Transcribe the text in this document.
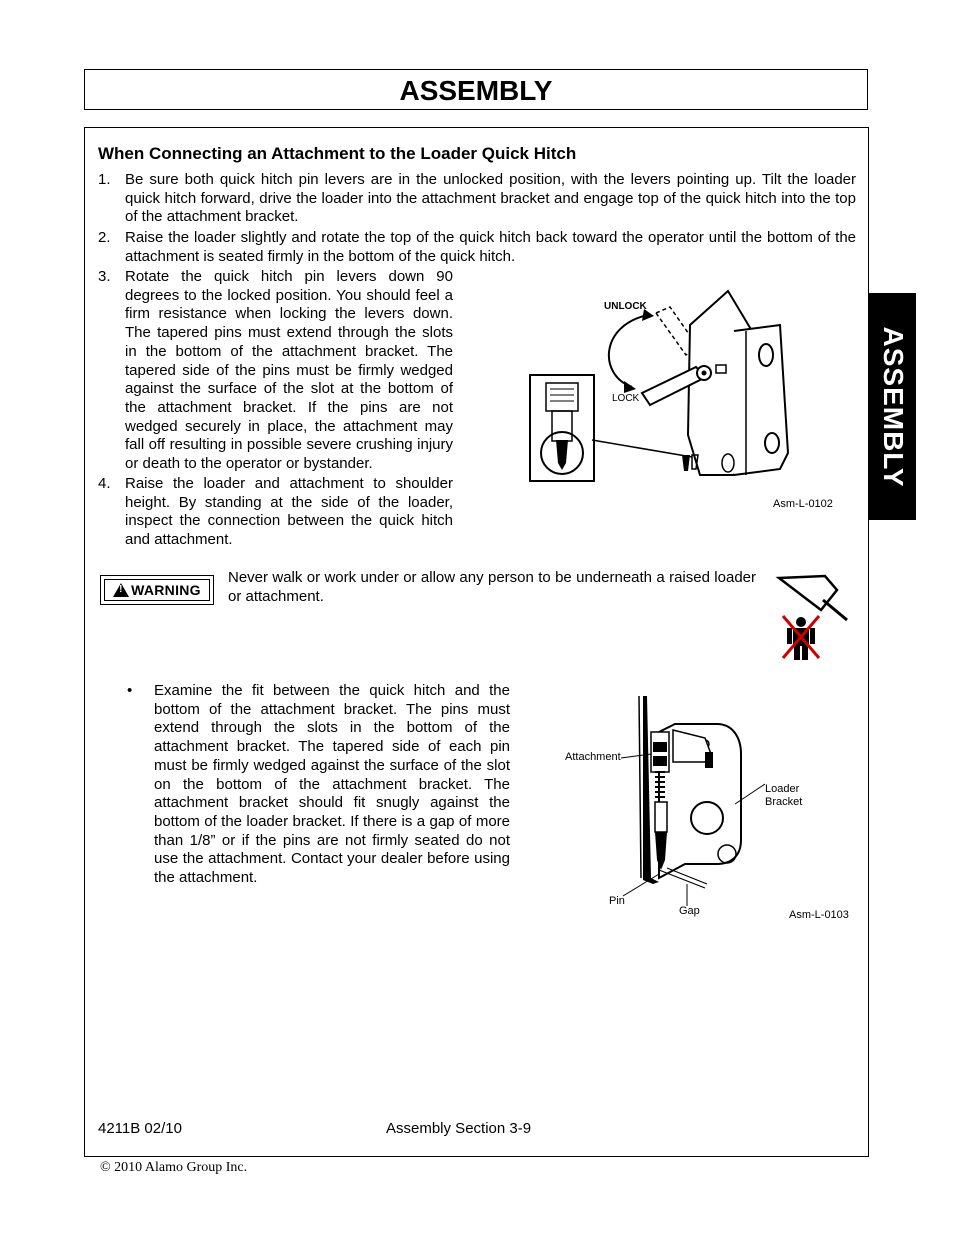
ASSEMBLY
ASSEMBLY
When Connecting an Attachment to the Loader Quick Hitch
1. Be sure both quick hitch pin levers are in the unlocked position, with the levers pointing up. Tilt the loader quick hitch forward, drive the loader into the attachment bracket and engage top of the quick hitch into the top of the attachment bracket.
2. Raise the loader slightly and rotate the top of the quick hitch back toward the operator until the bottom of the attachment is seated firmly in the bottom of the quick hitch.
3. Rotate the quick hitch pin levers down 90 degrees to the locked position. You should feel a firm resistance when locking the levers down. The tapered pins must extend through the slots in the bottom of the attachment bracket. The tapered side of the pins must be firmly wedged against the surface of the slot at the bottom of the attachment bracket. If the pins are not wedged securely in place, the attachment may fall off resulting in possible severe crushing injury or death to the operator or bystander.
4. Raise the loader and attachment to shoulder height. By standing at the side of the loader, inspect the connection between the quick hitch and attachment.
UNLOCK
LOCK
Asm-L-0102
!
WARNING
Never walk or work under or allow any person to be underneath a raised loader or attachment.
• Examine the fit between the quick hitch and the bottom of the attachment bracket. The pins must extend through the slots in the bottom of the attachment bracket. The tapered side of each pin must be firmly wedged against the surface of the slot on the bottom of the attachment bracket. The attachment bracket should fit snugly against the bottom of the loader bracket. If there is a gap of more than 1/8” or if the pins are not firmly seated do not use the attachment. Contact your dealer before using the attachment.
Attachment
Loader
Bracket
Pin
Gap	Asm-L-0103
4211B 02/10	Assembly Section 3-9
© 2010 Alamo Group Inc.
